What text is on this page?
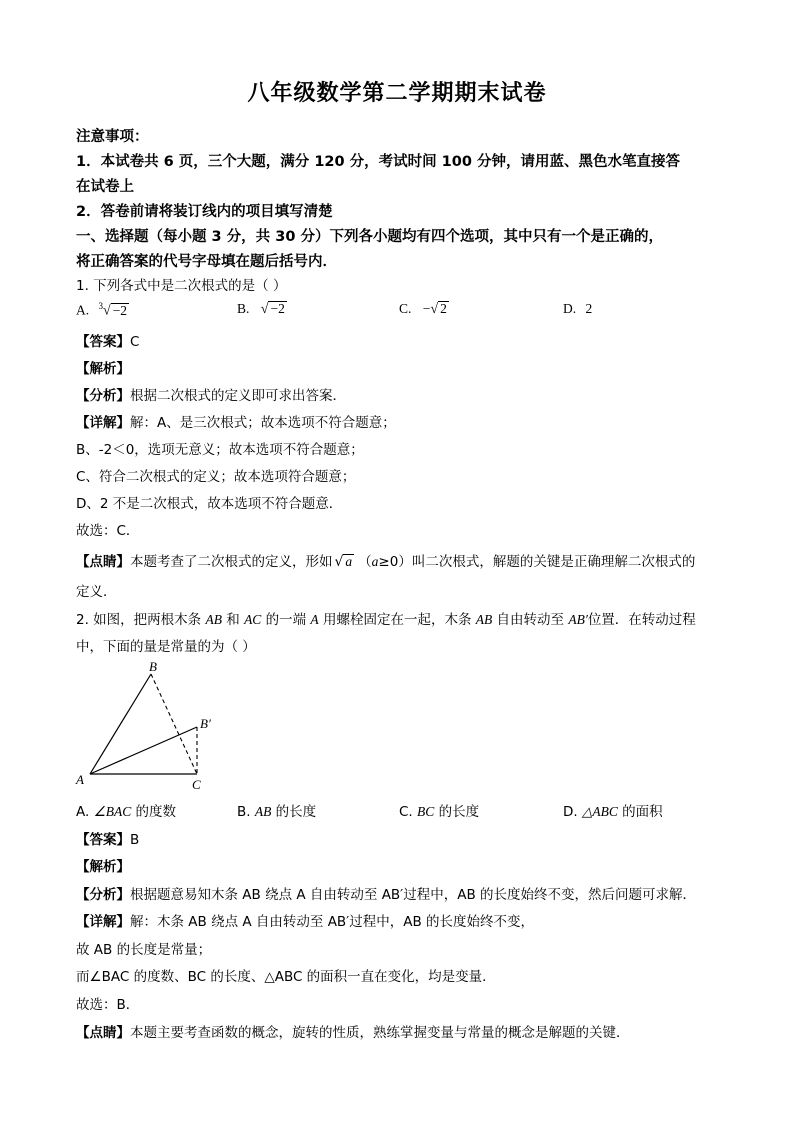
八年级数学第二学期期末试卷
注意事项：
1．本试卷共 6 页，三个大题，满分 120 分，考试时间 100 分钟，请用蓝、黑色水笔直接答
在试卷上
2．答卷前请将装订线内的项目填写清楚
一、选择题（每小题 3 分，共 30 分）下列各小题均有四个选项，其中只有一个是正确的，
将正确答案的代号字母填在题后括号内．
1. 下列各式中是二次根式的是（ ）
A. $^3$√ −2	B. √ −2	C. −√ 2	D. 2
【答案】C
【解析】
【分析】根据二次根式的定义即可求出答案．
【详解】解：A、是三次根式；故本选项不符合题意；
B、-2＜0，选项无意义；故本选项不符合题意；
C、符合二次根式的定义；故本选项符合题意；
D、2 不是二次根式，故本选项不符合题意．
故选：C．
【点睛】本题考查了二次根式的定义，形如 √ a （a≥0）叫二次根式，解题的关键是正确理解二次根式的
定义．
2. 如图，把两根木条 AB 和 AC 的一端 A 用螺栓固定在一起，木条 AB 自由转动至 AB′位置．在转动过程
中，下面的量是常量的为（ ）
B
B′
A	C
A. ∠BAC 的度数	B. AB 的长度	C. BC 的长度	D. △ABC 的面积
【答案】B
【解析】
【分析】根据题意易知木条 AB 绕点 A 自由转动至 AB′过程中，AB 的长度始终不变，然后问题可求解．
【详解】解：木条 AB 绕点 A 自由转动至 AB′过程中，AB 的长度始终不变，
故 AB 的长度是常量；
而∠BAC 的度数、BC 的长度、△ABC 的面积一直在变化，均是变量．
故选：B．
【点睛】本题主要考查函数的概念，旋转的性质，熟练掌握变量与常量的概念是解题的关键．
